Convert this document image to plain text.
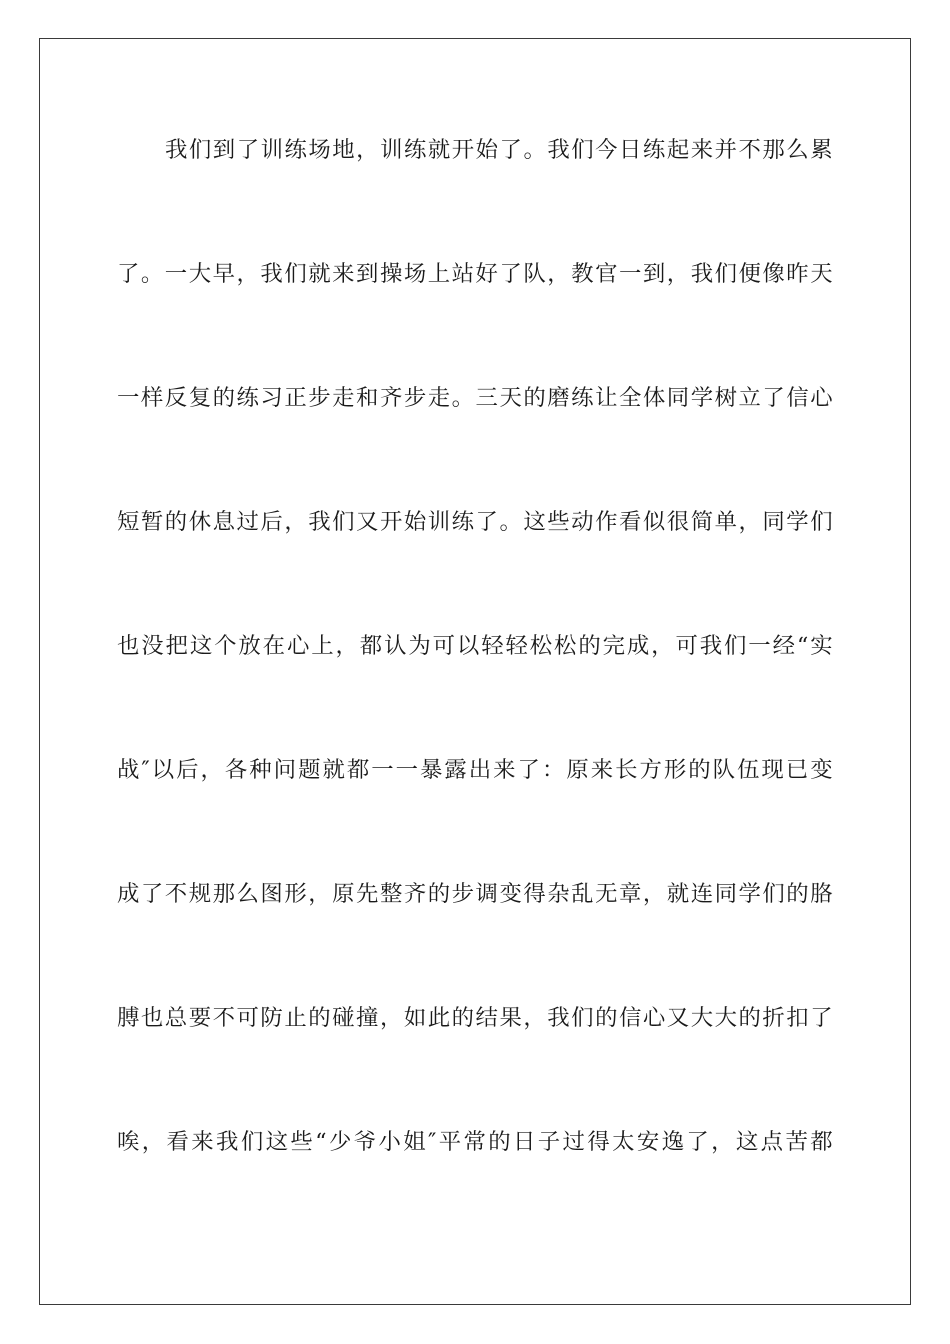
我们到了训练场地，训练就开始了。我们今日练起来并不那么累
了。一大早，我们就来到操场上站好了队，教官一到，我们便像昨天
一样反复的练习正步走和齐步走。三天的磨练让全体同学树立了信心
短暂的休息过后，我们又开始训练了。这些动作看似很简单，同学们
也没把这个放在心上，都认为可以轻轻松松的完成，可我们一经“实
战″以后，各种问题就都一一暴露出来了：原来长方形的队伍现已变
成了不规那么图形，原先整齐的步调变得杂乱无章，就连同学们的胳
膊也总要不可防止的碰撞，如此的结果，我们的信心又大大的折扣了
唉，看来我们这些“少爷小姐″平常的日子过得太安逸了，这点苦都
